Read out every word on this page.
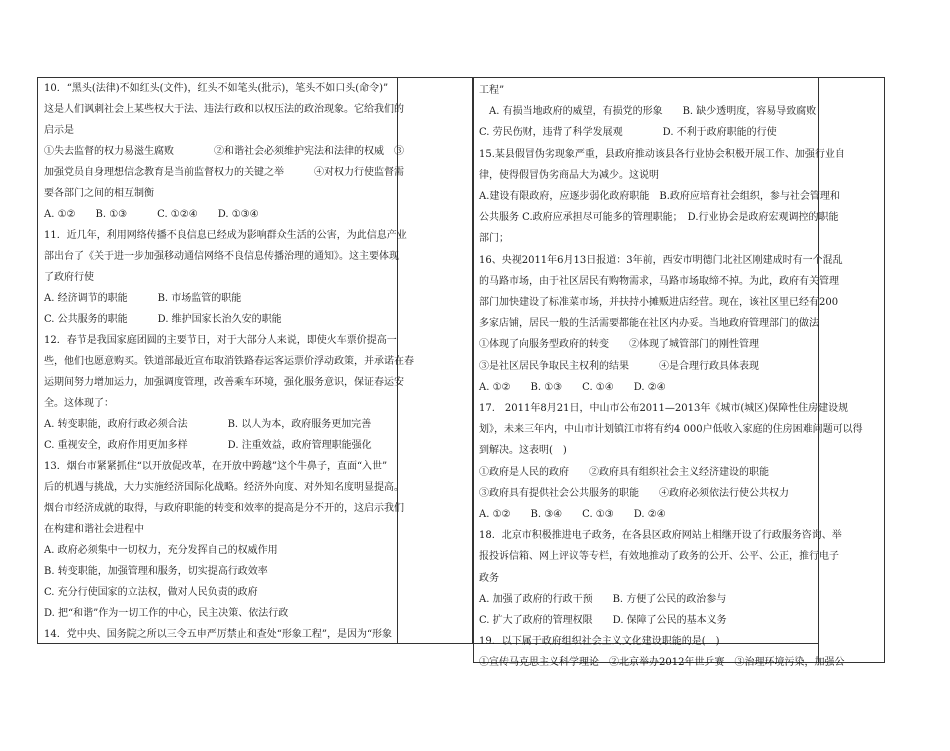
10．“黑头(法律)不如红头(文件)，红头不如笔头(批示)，笔头不如口头(命令)”

这是人们讽刺社会上某些权大于法、违法行政和以权压法的政治现象。它给我们的

启示是

①失去监督的权力易滋生腐败　　　　②和谐社会必须维护宪法和法律的权威　③

加强党员自身理想信念教育是当前监督权力的关键之举　　　④对权力行使监督需

要各部门之间的相互制衡

A. ①②　　B. ①③　　　C. ①②④　　D. ①③④

11．近几年，利用网络传播不良信息已经成为影响群众生活的公害，为此信息产业

部出台了《关于进一步加强移动通信网络不良信息传播治理的通知》。这主要体现

了政府行使

A. 经济调节的职能　　　B. 市场监管的职能

C. 公共服务的职能　　　D. 维护国家长治久安的职能

12．春节是我国家庭团圆的主要节日，对于大部分人来说，即使火车票价提高一

些，他们也愿意购买。铁道部最近宣布取消铁路春运客运票价浮动政策，并承诺在春

运期间努力增加运力，加强调度管理，改善乘车环境，强化服务意识，保证春运安

全。这体现了：

A. 转变职能，政府行政必须合法　　　　B. 以人为本，政府服务更加完善

C. 重视安全，政府作用更加多样　　　　D. 注重效益，政府管理职能强化

13．烟台市紧紧抓住“以开放促改革，在开放中跨越”这个牛鼻子，直面“入世”

后的机遇与挑战，大力实施经济国际化战略。经济外向度、对外知名度明显提高。

烟台市经济成就的取得，与政府职能的转变和效率的提高是分不开的，这启示我们

在构建和谐社会进程中

A. 政府必须集中一切权力，充分发挥自己的权威作用

B. 转变职能，加强管理和服务，切实提高行政效率

C. 充分行使国家的立法权，做对人民负责的政府

D. 把“和谐”作为一切工作的中心，民主决策、依法行政

14．党中央、国务院之所以三令五申严厉禁止和查处“形象工程”，是因为“形象

工程”

　A. 有损当地政府的威望，有损党的形象　　B. 缺少透明度，容易导致腐败

C. 劳民伤财，违背了科学发展观　　　　D. 不利于政府职能的行使

15.某县假冒伪劣现象严重，县政府推动该县各行业协会积极开展工作、加强行业自

律，使得假冒伪劣商品大为减少。这说明

A.建设有限政府，应逐步弱化政府职能　B.政府应培育社会组织，参与社会管理和

公共服务 C.政府应承担尽可能多的管理职能；　D.行业协会是政府宏观调控的职能

部门；

16、央视2011年6月13日报道：3年前，西安市明德门北社区刚建成时有一个混乱

的马路市场，由于社区居民有购物需求，马路市场取缔不掉。为此，政府有关管理

部门加快建设了标准菜市场，并扶持小摊贩进店经营。现在，该社区里已经有200

多家店铺，居民一般的生活需要都能在社区内办妥。当地政府管理部门的做法

①体现了向服务型政府的转变　　②体现了城管部门的刚性管理

③是社区居民争取民主权利的结果　　　④是合理行政具体表现

A. ①②　　B. ①③　　C. ①④　　D. ②④

17.　2011年8月21日，中山市公布2011—2013年《城市(城区)保障性住房建设规

划》，未来三年内，中山市计划镇江市将有约4 000户低收入家庭的住房困难问题可以得

到解决。这表明(　)

①政府是人民的政府　　②政府具有组织社会主义经济建设的职能

③政府具有提供社会公共服务的职能　　④政府必须依法行使公共权力

A. ①②　　B. ③④　　C. ①③　　D. ②④

18．北京市积极推进电子政务，在各县区政府网站上相继开设了行政服务咨询、举

报投诉信箱、网上评议等专栏，有效地推动了政务的公开、公平、公正，推行电子

政务

A. 加强了政府的行政干预　　B. 方便了公民的政治参与

C. 扩大了政府的管理权限　　D. 保障了公民的基本义务

19．以下属于政府组织社会主义文化建设职能的是(　)

①宣传马克思主义科学理论　②北京举办2012年世乒赛　③治理环境污染，加强公
